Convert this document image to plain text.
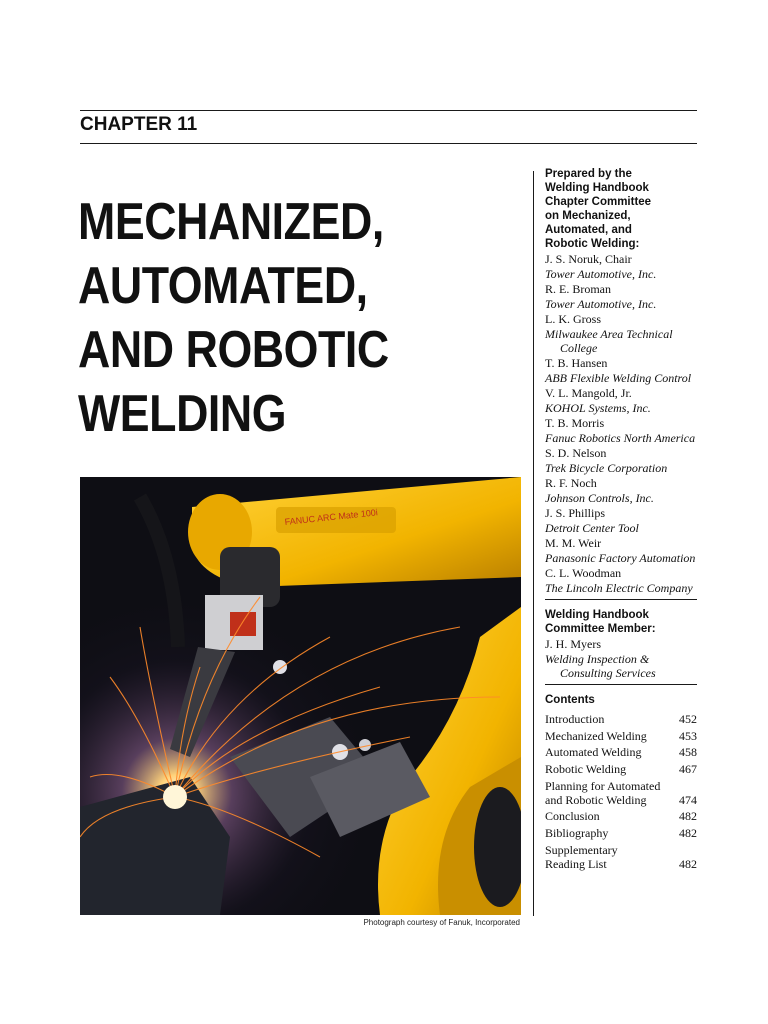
CHAPTER 11
MECHANIZED,
AUTOMATED,
AND ROBOTIC
WELDING
FANUC ARC Mate 100i
Photograph courtesy of Fanuk, Incorporated
Prepared by the
Welding Handbook
Chapter Committee
on Mechanized,
Automated, and
Robotic Welding:
J. S. Noruk, Chair
Tower Automotive, Inc.
R. E. Broman
Tower Automotive, Inc.
L. K. Gross
Milwaukee Area Technical College
T. B. Hansen
ABB Flexible Welding Control
V. L. Mangold, Jr.
KOHOL Systems, Inc.
T. B. Morris
Fanuc Robotics North America
S. D. Nelson
Trek Bicycle Corporation
R. F. Noch
Johnson Controls, Inc.
J. S. Phillips
Detroit Center Tool
M. M. Weir
Panasonic Factory Automation
C. L. Woodman
The Lincoln Electric Company
Welding Handbook
Committee Member:
J. H. Myers
Welding Inspection & Consulting Services
Contents
Introduction	452
Mechanized Welding	453
Automated Welding	458
Robotic Welding	467
Planning for Automated	
and Robotic Welding	474
Conclusion	482
Bibliography	482
Supplementary	
Reading List	482
